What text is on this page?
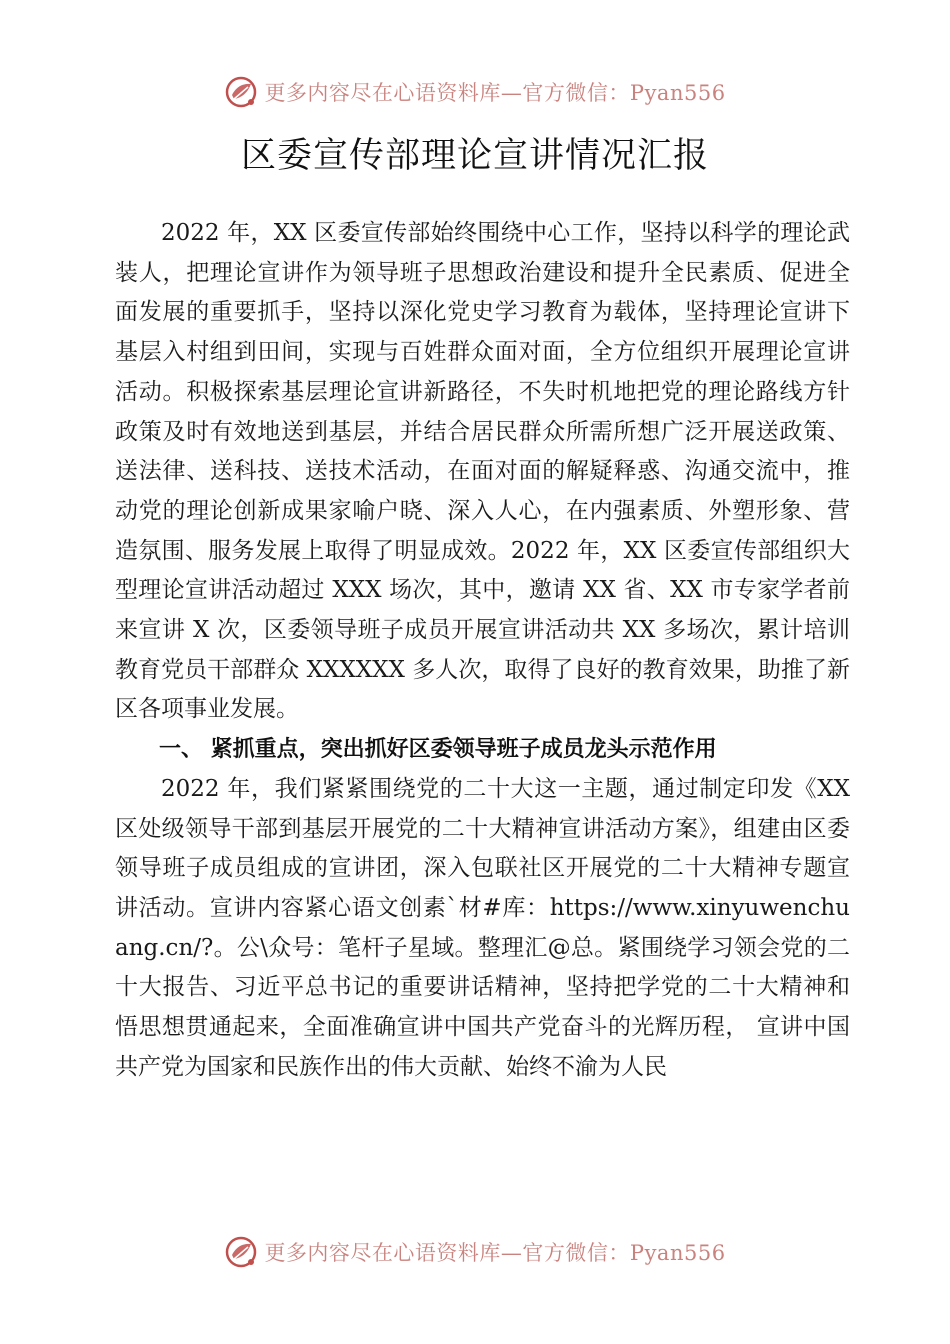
更多内容尽在心语资料库—官方微信：Pyan556
区委宣传部理论宣讲情况汇报

2022 年，XX 区委宣传部始终围绕中心工作，坚持以科学的理论武装人，把理论宣讲作为领导班子思想政治建设和提升全民素质、促进全面发展的重要抓手，坚持以深化党史学习教育为载体，坚持理论宣讲下基层入村组到田间，实现与百姓群众面对面，全方位组织开展理论宣讲活动。积极探索基层理论宣讲新路径，不失时机地把党的理论路线方针政策及时有效地送到基层，并结合居民群众所需所想广泛开展送政策、送法律、送科技、送技术活动，在面对面的解疑释惑、沟通交流中，推动党的理论创新成果家喻户晓、深入人心，在内强素质、外塑形象、营造氛围、服务发展上取得了明显成效。2022 年，XX 区委宣传部组织大型理论宣讲活动超过 XXX 场次，其中，邀请 XX 省、XX 市专家学者前来宣讲 X 次，区委领导班子成员开展宣讲活动共 XX 多场次，累计培训教育党员干部群众 XXXXXX 多人次，取得了良好的教育效果，助推了新区各项事业发展。

一、 紧抓重点，突出抓好区委领导班子成员龙头示范作用

2022 年，我们紧紧围绕党的二十大这一主题，通过制定印发《XX 区处级领导干部到基层开展党的二十大精神宣讲活动方案》，组建由区委领导班子成员组成的宣讲团，深入包联社区开展党的二十大精神专题宣讲活动。宣讲内容紧心语文创素`材#库：https://www.xinyuwenchuang.cn/?。公\众号：笔杆子星域。整理汇@总。紧围绕学习领会党的二十大报告、习近平总书记的重要讲话精神，坚持把学党的二十大精神和悟思想贯通起来，全面准确宣讲中国共产党奋斗的光辉历程， 宣讲中国共产党为国家和民族作出的伟大贡献、始终不渝为人民

更多内容尽在心语资料库—官方微信：Pyan556
